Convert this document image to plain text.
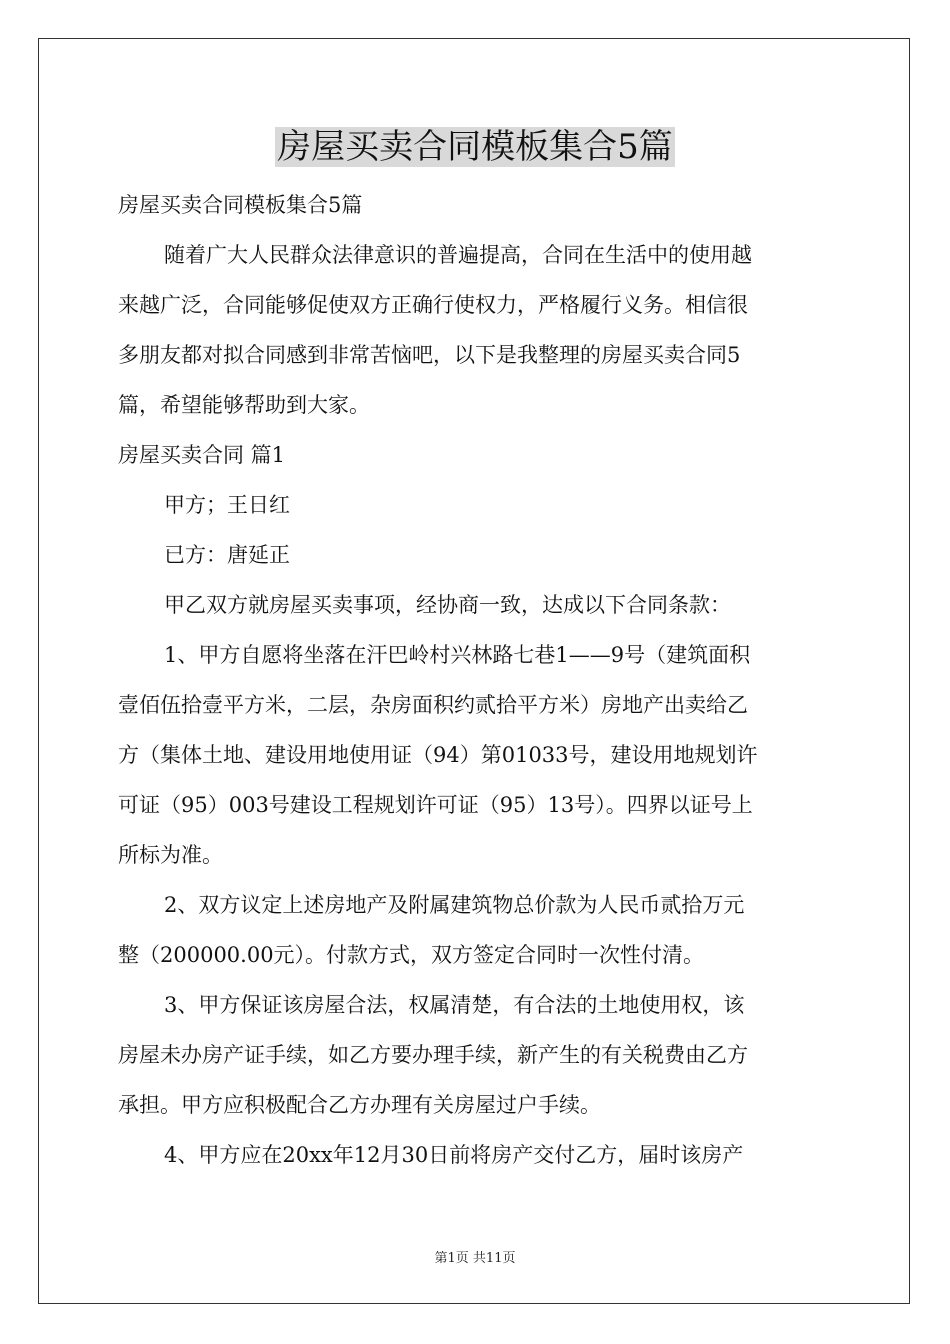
房屋买卖合同模板集合5篇
房屋买卖合同模板集合5篇
随着广大人民群众法律意识的普遍提高，合同在生活中的使用越
来越广泛，合同能够促使双方正确行使权力，严格履行义务。相信很
多朋友都对拟合同感到非常苦恼吧，以下是我整理的房屋买卖合同5
篇，希望能够帮助到大家。
房屋买卖合同 篇1
甲方；王日红
已方：唐延正
甲乙双方就房屋买卖事项，经协商一致，达成以下合同条款：
1、甲方自愿将坐落在汗巴岭村兴林路七巷1——9号（建筑面积
壹佰伍拾壹平方米，二层，杂房面积约贰拾平方米）房地产出卖给乙
方（集体土地、建设用地使用证（94）第01033号，建设用地规划许
可证（95）003号建设工程规划许可证（95）13号）。四界以证号上
所标为准。
2、双方议定上述房地产及附属建筑物总价款为人民币贰拾万元
整（200000.00元）。付款方式，双方签定合同时一次性付清。
3、甲方保证该房屋合法，权属清楚，有合法的土地使用权，该
房屋未办房产证手续，如乙方要办理手续，新产生的有关税费由乙方
承担。甲方应积极配合乙方办理有关房屋过户手续。
4、甲方应在20xx年12月30日前将房产交付乙方，届时该房产
第1页 共11页
